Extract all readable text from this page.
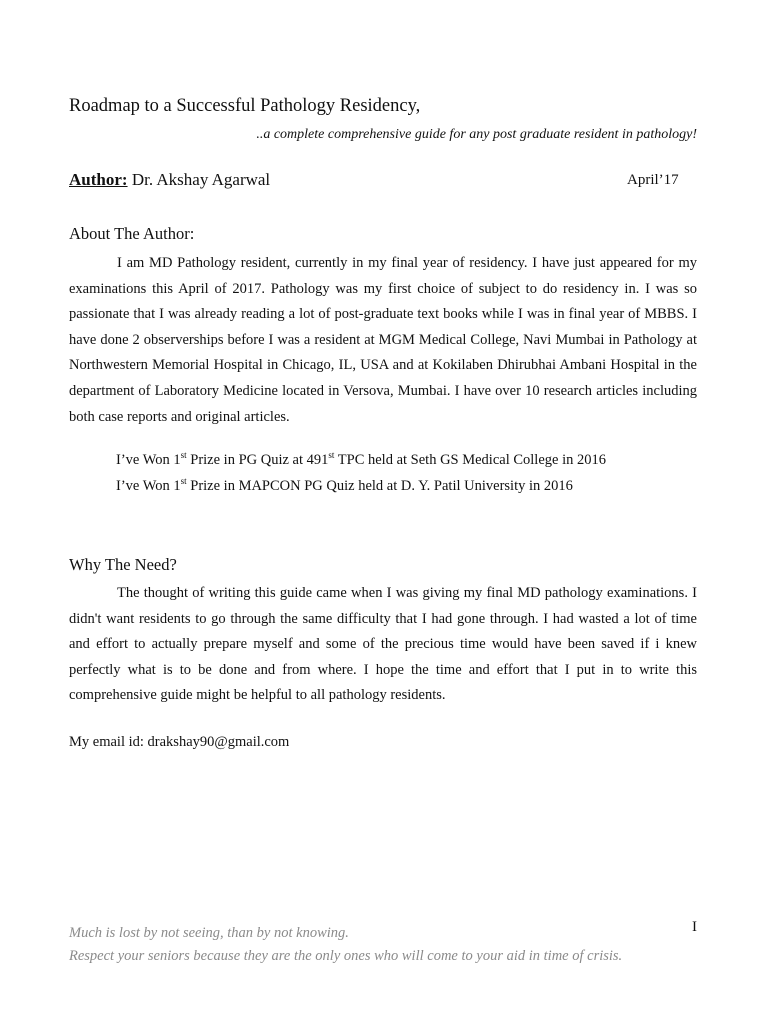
Roadmap to a Successful Pathology Residency,
..a complete comprehensive guide for any post graduate resident in pathology!
Author: Dr. Akshay Agarwal	April’17
About The Author:
I am MD Pathology resident, currently in my final year of residency. I have just appeared for my examinations this April of 2017. Pathology was my first choice of subject to do residency in. I was so passionate that I was already reading a lot of post-graduate text books while I was in final year of MBBS. I have done 2 observerships before I was a resident at MGM Medical College, Navi Mumbai in Pathology at Northwestern Memorial Hospital in Chicago, IL, USA and at Kokilaben Dhirubhai Ambani Hospital in the department of Laboratory Medicine located in Versova, Mumbai. I have over 10 research articles including both case reports and original articles.
I’ve Won 1st Prize in PG Quiz at 491st TPC held at Seth GS Medical College in 2016
I’ve Won 1st Prize in MAPCON PG Quiz held at D. Y. Patil University in 2016
Why The Need?
The thought of writing this guide came when I was giving my final MD pathology examinations. I didn't want residents to go through the same difficulty that I had gone through. I had wasted a lot of time and effort to actually prepare myself and some of the precious time would have been saved if i knew perfectly what is to be done and from where. I hope the time and effort that I put in to write this comprehensive guide might be helpful to all pathology residents.
My email id: drakshay90@gmail.com
Much is lost by not seeing, than by not knowing.
Respect your seniors because they are the only ones who will come to your aid in time of crisis.
I
